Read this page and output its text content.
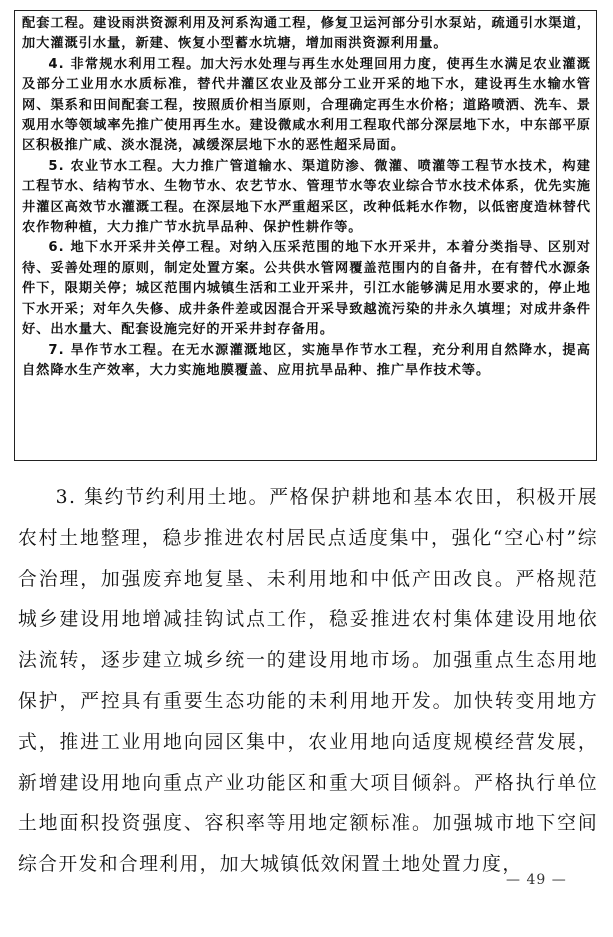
配套工程。建设雨洪资源利用及河系沟通工程，修复卫运河部分引水泵站，疏通引水渠道，加大灌溉引水量，新建、恢复小型蓄水坑塘，增加雨洪资源利用量。

4. 非常规水利用工程。加大污水处理与再生水处理回用力度，使再生水满足农业灌溉及部分工业用水水质标准，替代井灌区农业及部分工业开采的地下水，建设再生水输水管网、渠系和田间配套工程，按照质价相当原则，合理确定再生水价格；道路喷洒、洗车、景观用水等领域率先推广使用再生水。建设微咸水利用工程取代部分深层地下水，中东部平原区积极推广咸、淡水混浇，减缓深层地下水的恶性超采局面。

5. 农业节水工程。大力推广管道输水、渠道防渗、微灌、喷灌等工程节水技术，构建工程节水、结构节水、生物节水、农艺节水、管理节水等农业综合节水技术体系，优先实施井灌区高效节水灌溉工程。在深层地下水严重超采区，改种低耗水作物，以低密度造林替代农作物种植，大力推广节水抗旱品种、保护性耕作等。

6. 地下水开采井关停工程。对纳入压采范围的地下水开采井，本着分类指导、区别对待、妥善处理的原则，制定处置方案。公共供水管网覆盖范围内的自备井，在有替代水源条件下，限期关停；城区范围内城镇生活和工业开采井，引江水能够满足用水要求的，停止地下水开采；对年久失修、成井条件差或因混合开采导致越流污染的井永久填埋；对成井条件好、出水量大、配套设施完好的开采井封存备用。

7. 旱作节水工程。在无水源灌溉地区，实施旱作节水工程，充分利用自然降水，提高自然降水生产效率，大力实施地膜覆盖、应用抗旱品种、推广旱作技术等。

3. 集约节约利用土地。严格保护耕地和基本农田，积极开展农村土地整理，稳步推进农村居民点适度集中，强化“空心村”综合治理，加强废弃地复垦、未利用地和中低产田改良。严格规范城乡建设用地增减挂钩试点工作，稳妥推进农村集体建设用地依法流转，逐步建立城乡统一的建设用地市场。加强重点生态用地保护，严控具有重要生态功能的未利用地开发。加快转变用地方式，推进工业用地向园区集中，农业用地向适度规模经营发展，新增建设用地向重点产业功能区和重大项目倾斜。严格执行单位土地面积投资强度、容积率等用地定额标准。加强城市地下空间综合开发和合理利用，加大城镇低效闲置土地处置力度，

— 49 —
